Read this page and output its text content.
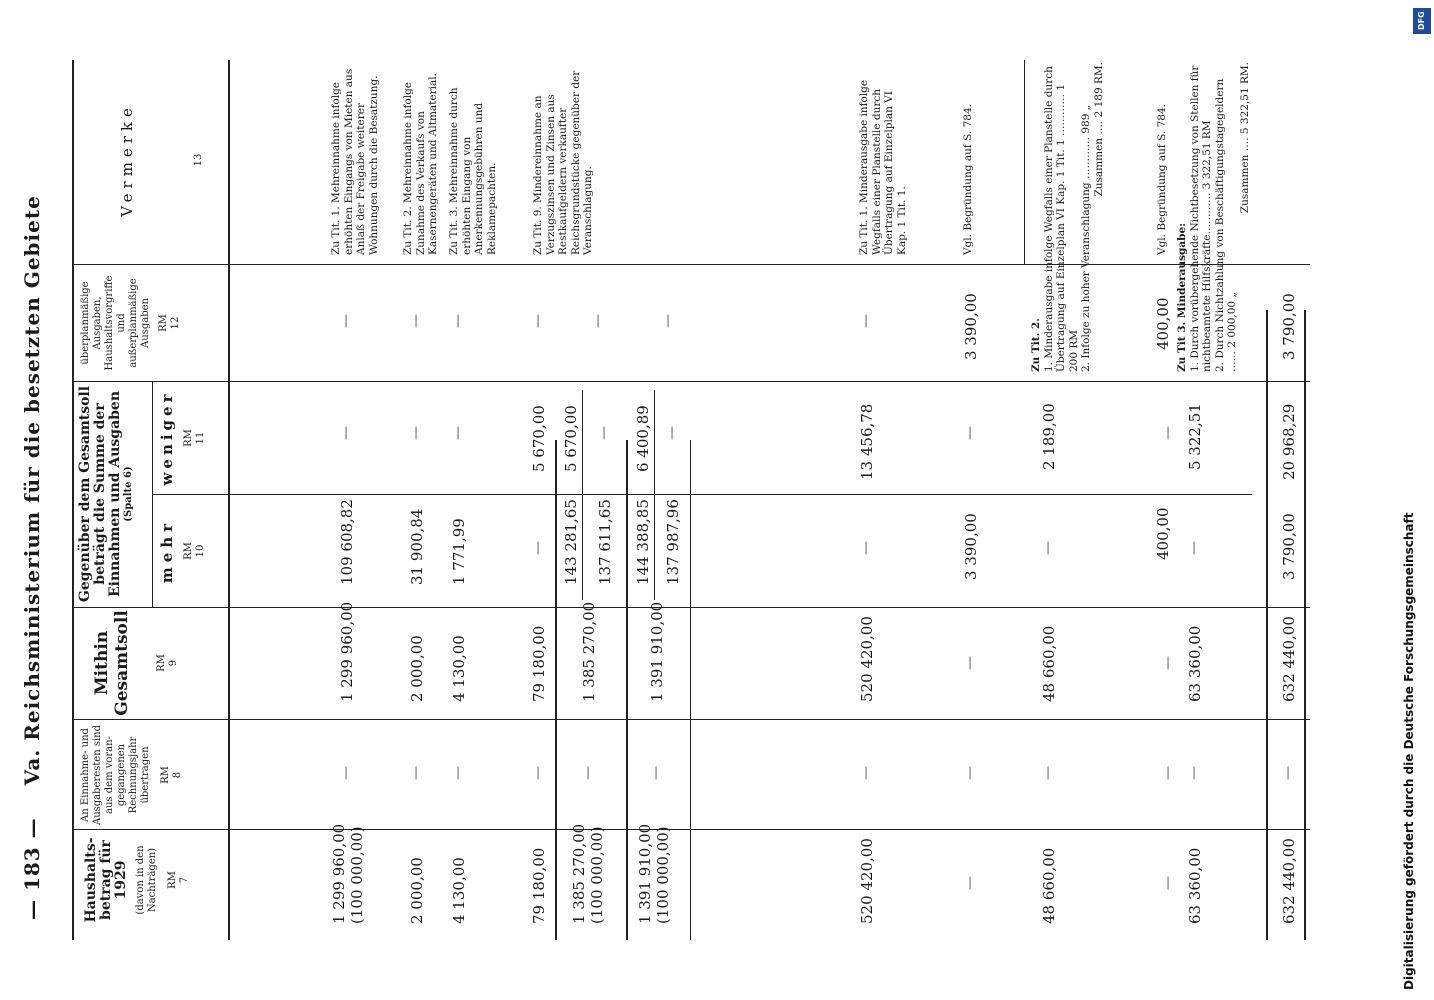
— 183 — Va. Reichsministerium für die besetzten Gebiete
Haushaltsbetrag für 1929 (davon in den Nachträgen) RM 7
An Einnahme- und Ausgaberesten sind aus dem vorangegangenen Rechnungsjahr übertragen RM 8
Mithin Gesamtsoll RM 9
Gegenüber dem Gesamtsoll beträgt die Summe der Einnahmen und Ausgaben (Spalte 6)
mehr RM 10
weniger RM 11
überplanmäßige Ausgaben, Haushaltsvorgriffe und außerplanmäßige Ausgaben RM 12
Vermerke	13
1 299 960,00 (100 000,00)
—
1 299 960,00
109 608,82
—
—
Zu Tit. 1. Mehreinnahme infolge erhöhten Eingangs von Mieten aus Anlaß der Freigabe weiterer Wohnungen durch die Besatzung.
2 000,00
—
2 000,00
31 900,84
—
—
Zu Tit. 2. Mehreinnahme infolge Zunahme des Verkaufs von Kasernengeräten und Altmaterial.
4 130,00
—
4 130,00
1 771,99
—
—
Zu Tit. 3. Mehreinnahme durch erhöhten Eingang von Anerkennungsgebühren und Reklamepachten.
79 180,00
—
79 180,00
—
5 670,00
—
Zu Tit. 9. Mindereinnahme an Verzugszinsen und Zinsen aus Restkaufgeldern verkaufter Reichsgrundstücke gegenüber der Veranschlagung.
1 385 270,00 (100 000,00)
—
1 385 270,00
143 281,65
5 670,00
137 611,65
—
—
1 391 910,00 (100 000,00)
—
1 391 910,00
144 388,85
6 400,89
137 987,96
—
—
520 420,00
—
520 420,00
—
13 456,78
—
Zu Tit. 1. Minderausgabe infolge Wegfalls einer Planstelle durch Übertragung auf Einzelplan VI Kap. 1 Tit. 1.
—
—
—
3 390,00
—
3 390,00
Vgl. Begründung auf S. 784.
48 660,00
—
48 660,00
—
2 189,00
Zu Tit. 2. 1. Minderausgabe infolge Wegfalls einer Planstelle durch Übertragung auf Einzelplan VI Kap. 1 Tit. 1 ………… 1 200 RM 2. Infolge zu hoher Veranschlagung ………… 989 „
Zusammen …. 2 189 RM.
—
—
—
400,00
—
400,00
Vgl. Begründung auf S. 784.
63 360,00
—
63 360,00
—
5 322,51
Zu Tit 3. Minderausgabe: 1. Durch vorübergehende Nichtbesetzung von Stellen für nichtbeamtete Hilfskräfte………… 3 322,51 RM 2. Durch Nichtzahlung von Beschäftigungstagegeldern …… 2 000,00 „
Zusammen …. 5 322,51 RM.
632 440,00
—
632 440,00
3 790,00
20 968,29
3 790,00
Digitalisierung gefördert durch die Deutsche Forschungsgemeinschaft
DFG
